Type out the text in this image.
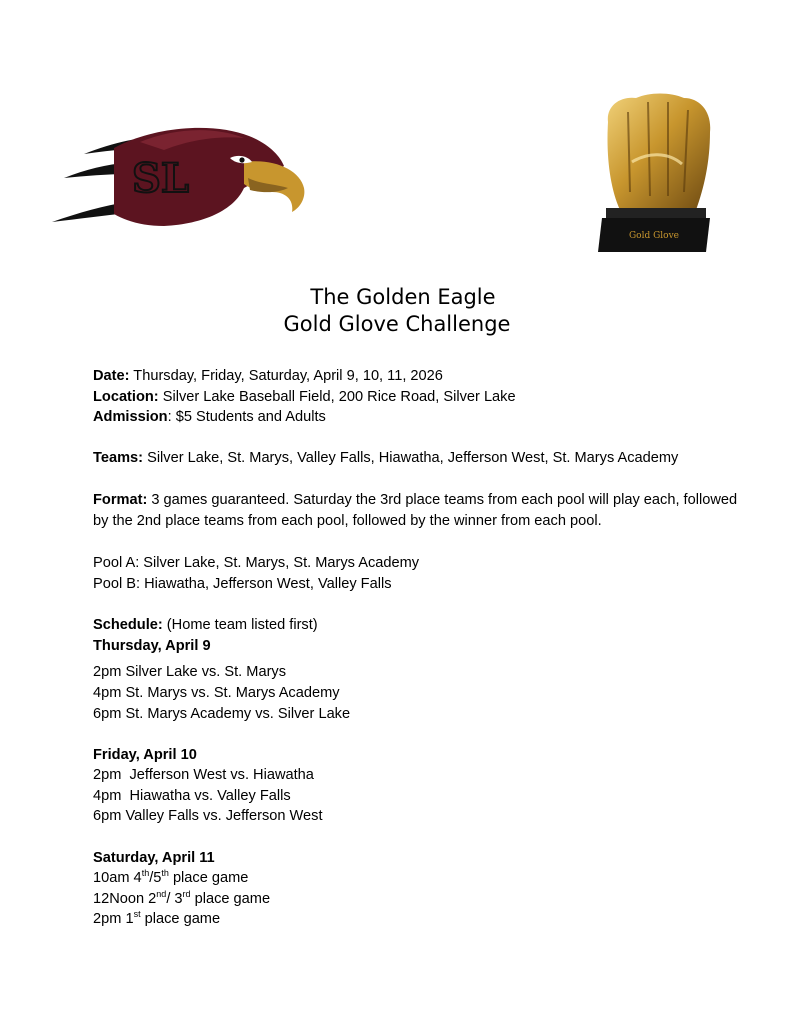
SL
Gold Glove
The Golden Eagle
Gold Glove Challenge

Date: Thursday, Friday, Saturday, April 9, 10, 11, 2026

Location: Silver Lake Baseball Field, 200 Rice Road, Silver Lake

Admission: $5 Students and Adults

Teams: Silver Lake, St. Marys, Valley Falls, Hiawatha, Jefferson West, St. Marys Academy

Format: 3 games guaranteed. Saturday the 3rd place teams from each pool will play each, followed by the 2nd place teams from each pool, followed by the winner from each pool.

Pool A: Silver Lake, St. Marys, St. Marys Academy

Pool B: Hiawatha, Jefferson West, Valley Falls

Schedule: (Home team listed first)

Thursday, April 9

2pm Silver Lake vs. St. Marys

4pm St. Marys vs. St. Marys Academy

6pm St. Marys Academy vs. Silver Lake

Friday, April 10

2pm  Jefferson West vs. Hiawatha

4pm  Hiawatha vs. Valley Falls

6pm Valley Falls vs. Jefferson West

Saturday, April 11

10am 4th/5th place game

12Noon 2nd/ 3rd place game

2pm 1st place game
